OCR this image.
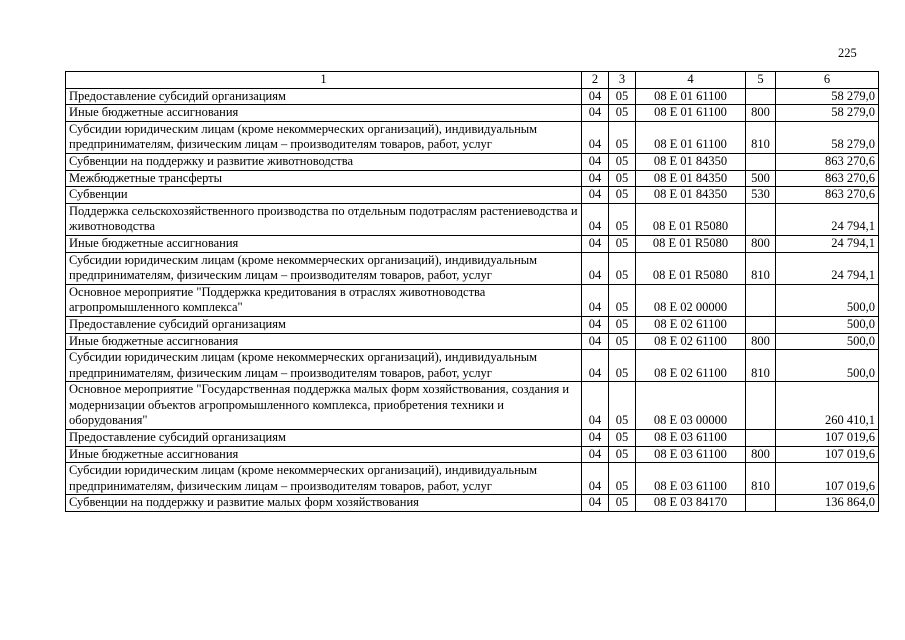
225
1	2	3	4	5	6
Предоставление субсидий организациям	04	05	08 Е 01 61100		58 279,0
Иные бюджетные ассигнования	04	05	08 Е 01 61100	800	58 279,0
Субсидии юридическим лицам (кроме некоммерческих организаций), индивидуальным предпринимателям, физическим лицам – производителям товаров, работ, услуг	04	05	08 Е 01 61100	810	58 279,0
Субвенции на поддержку и развитие животноводства	04	05	08 Е 01 84350		863 270,6
Межбюджетные трансферты	04	05	08 Е 01 84350	500	863 270,6
Субвенции	04	05	08 Е 01 84350	530	863 270,6
Поддержка сельскохозяйственного производства по отдельным подотраслям растениеводства и животноводства	04	05	08 Е 01 R5080		24 794,1
Иные бюджетные ассигнования	04	05	08 Е 01 R5080	800	24 794,1
Субсидии юридическим лицам (кроме некоммерческих организаций), индивидуальным предпринимателям, физическим лицам – производителям товаров, работ, услуг	04	05	08 Е 01 R5080	810	24 794,1
Основное мероприятие "Поддержка кредитования в отраслях животноводства агропромышленного комплекса"	04	05	08 Е 02 00000		500,0
Предоставление субсидий организациям	04	05	08 Е 02 61100		500,0
Иные бюджетные ассигнования	04	05	08 Е 02 61100	800	500,0
Субсидии юридическим лицам (кроме некоммерческих организаций), индивидуальным предпринимателям, физическим лицам – производителям товаров, работ, услуг	04	05	08 Е 02 61100	810	500,0
Основное мероприятие "Государственная поддержка малых форм хозяйствования, создания и модернизации объектов агропромышленного комплекса, приобретения техники и оборудования"	04	05	08 Е 03 00000		260 410,1
Предоставление субсидий организациям	04	05	08 Е 03 61100		107 019,6
Иные бюджетные ассигнования	04	05	08 Е 03 61100	800	107 019,6
Субсидии юридическим лицам (кроме некоммерческих организаций), индивидуальным предпринимателям, физическим лицам – производителям товаров, работ, услуг	04	05	08 Е 03 61100	810	107 019,6
Субвенции на поддержку и развитие малых форм хозяйствования	04	05	08 Е 03 84170		136 864,0
